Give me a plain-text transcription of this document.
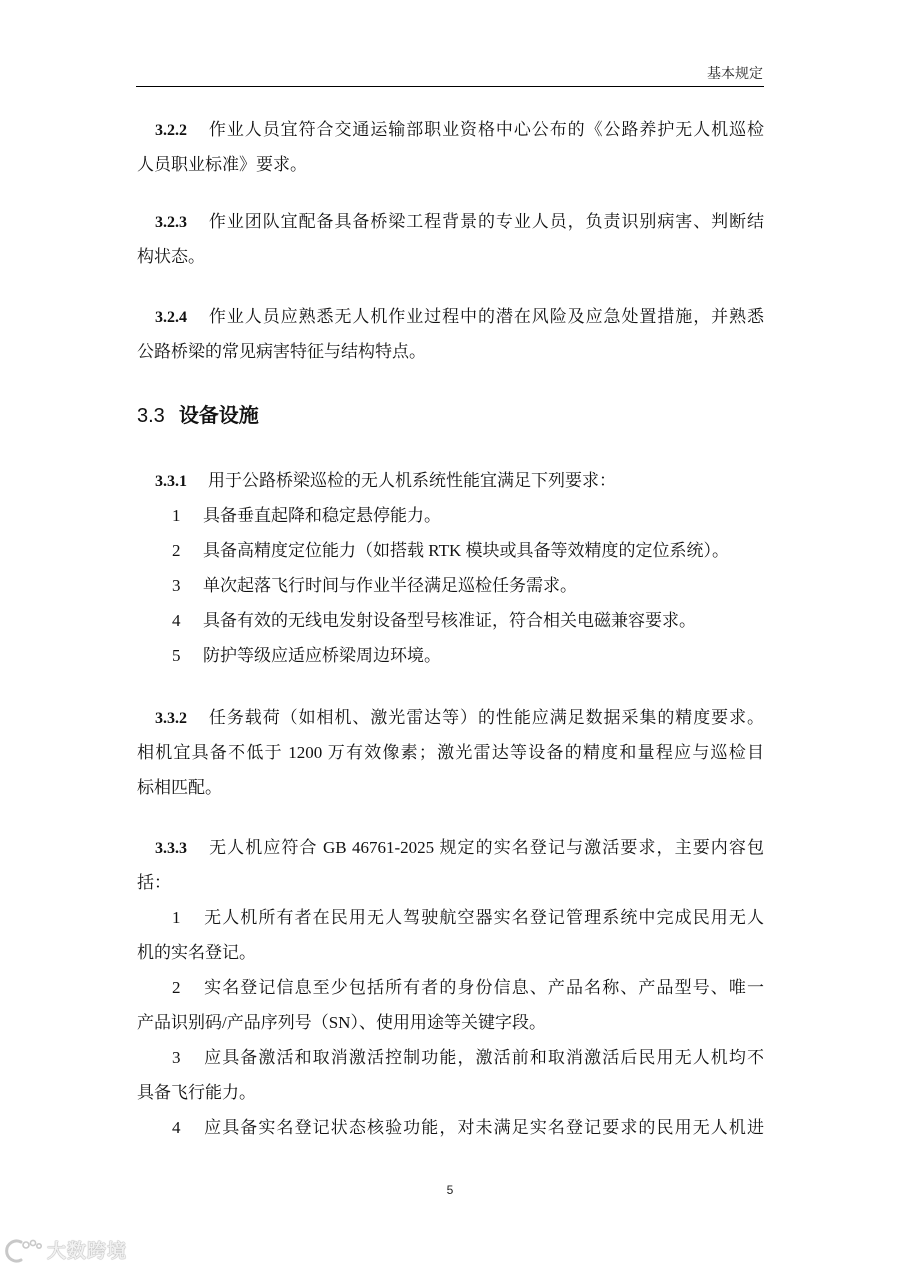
基本规定
3.2.2 作业人员宜符合交通运输部职业资格中心公布的《公路养护无人机巡检
人员职业标准》要求。
3.2.3 作业团队宜配备具备桥梁工程背景的专业人员，负责识别病害、判断结
构状态。
3.2.4 作业人员应熟悉无人机作业过程中的潜在风险及应急处置措施，并熟悉
公路桥梁的常见病害特征与结构特点。
3.3 设备设施
3.3.1 用于公路桥梁巡检的无人机系统性能宜满足下列要求：
1 具备垂直起降和稳定悬停能力。
2 具备高精度定位能力（如搭载 RTK 模块或具备等效精度的定位系统）。
3 单次起落飞行时间与作业半径满足巡检任务需求。
4 具备有效的无线电发射设备型号核准证，符合相关电磁兼容要求。
5 防护等级应适应桥梁周边环境。
3.3.2 任务载荷（如相机、激光雷达等）的性能应满足数据采集的精度要求。
相机宜具备不低于 1200 万有效像素；激光雷达等设备的精度和量程应与巡检目
标相匹配。
3.3.3 无人机应符合 GB 46761-2025 规定的实名登记与激活要求，主要内容包
括：
1 无人机所有者在民用无人驾驶航空器实名登记管理系统中完成民用无人
机的实名登记。
2 实名登记信息至少包括所有者的身份信息、产品名称、产品型号、唯一
产品识别码/产品序列号（SN）、使用用途等关键字段。
3 应具备激活和取消激活控制功能，激活前和取消激活后民用无人机均不
具备飞行能力。
4 应具备实名登记状态核验功能，对未满足实名登记要求的民用无人机进
5
大数跨境
